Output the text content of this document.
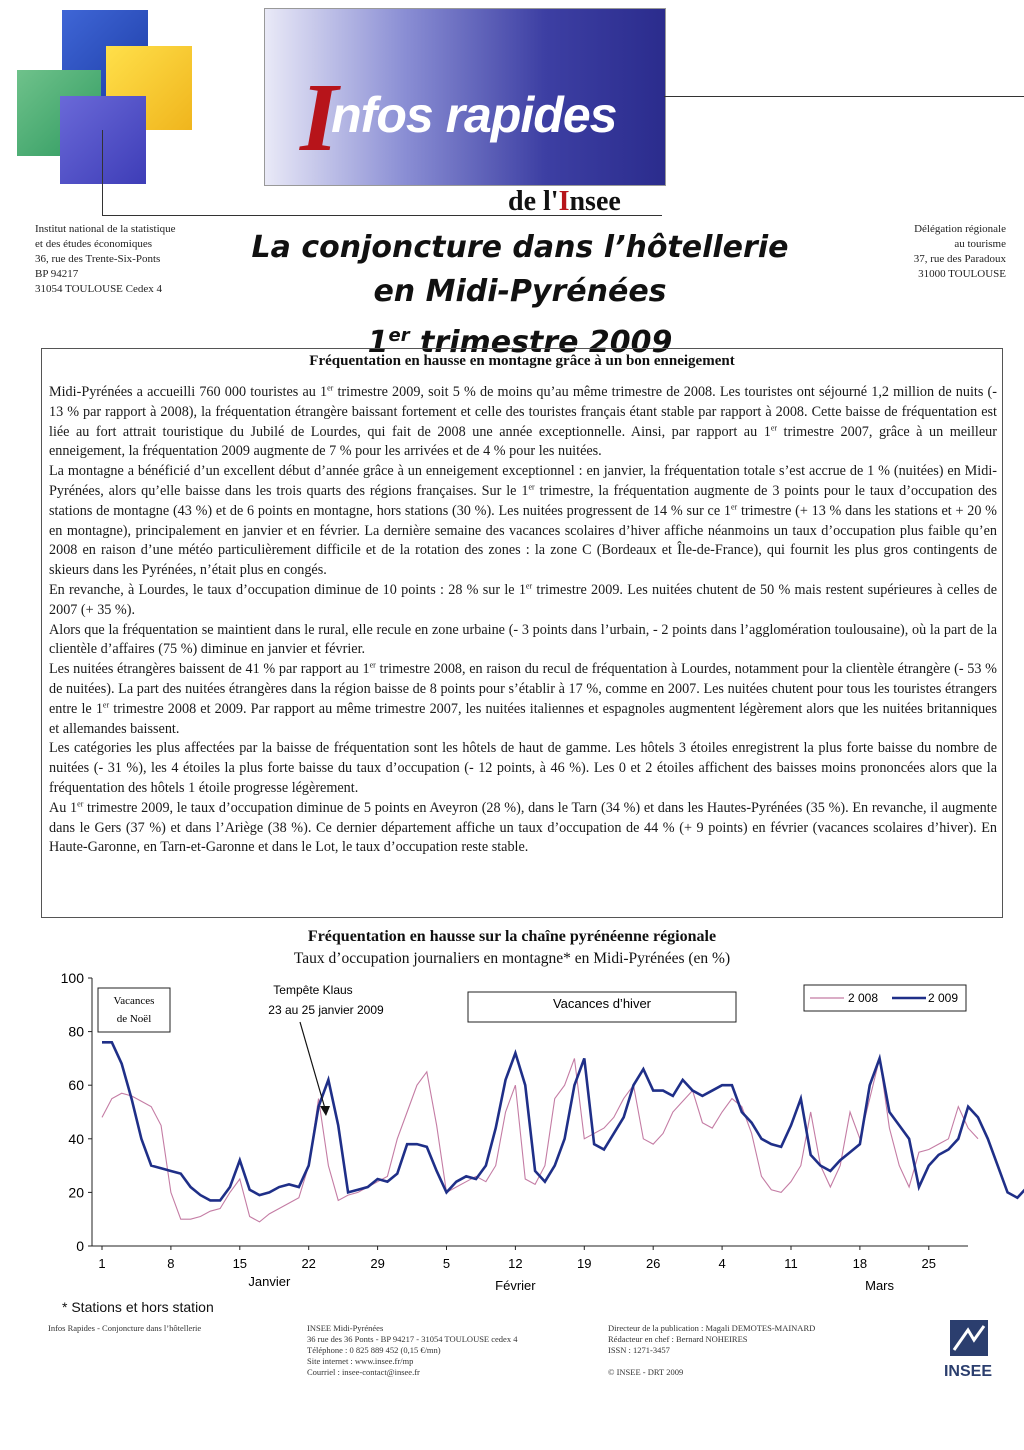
Infos rapides
de l'Insee
Institut national de la statistique
et des études économiques
36, rue des Trente-Six-Ponts
BP 94217
31054 TOULOUSE Cedex 4
Délégation régionale
au tourisme
37, rue des Paradoux
31000 TOULOUSE
La conjoncture dans l’hôtellerie
en Midi-Pyrénées
1er trimestre 2009
Fréquentation en hausse en montagne grâce à un bon enneigement

Midi-Pyrénées a accueilli 760 000 touristes au 1er trimestre 2009, soit 5 % de moins qu’au même trimestre de 2008. Les touristes ont séjourné 1,2 million de nuits (- 13 % par rapport à 2008), la fréquentation étrangère baissant fortement et celle des touristes français étant stable par rapport à 2008. Cette baisse de fréquentation est liée au fort attrait touristique du Jubilé de Lourdes, qui fait de 2008 une année exceptionnelle. Ainsi, par rapport au 1er trimestre 2007, grâce à un meilleur enneigement, la fréquentation 2009 augmente de 7 % pour les arrivées et de 4 % pour les nuitées.

La montagne a bénéficié d’un excellent début d’année grâce à un enneigement exceptionnel : en janvier, la fréquentation totale s’est accrue de 1 % (nuitées) en Midi-Pyrénées, alors qu’elle baisse dans les trois quarts des régions françaises. Sur le 1er trimestre, la fréquentation augmente de 3 points pour le taux d’occupation des stations de montagne (43 %) et de 6 points en montagne, hors stations (30 %). Les nuitées progressent de 14 % sur ce 1er trimestre (+ 13 % dans les stations et + 20 % en montagne), principalement en janvier et en février. La dernière semaine des vacances scolaires d’hiver affiche néanmoins un taux d’occupation plus faible qu’en 2008 en raison d’une météo particulièrement difficile et de la rotation des zones : la zone C (Bordeaux et Île-de-France), qui fournit les plus gros contingents de skieurs dans les Pyrénées, n’était plus en congés.

En revanche, à Lourdes, le taux d’occupation diminue de 10 points : 28 % sur le 1er trimestre 2009. Les nuitées chutent de 50 % mais restent supérieures à celles de 2007 (+ 35 %).

Alors que la fréquentation se maintient dans le rural, elle recule en zone urbaine (- 3 points dans l’urbain, - 2 points dans l’agglomération toulousaine), où la part de la clientèle d’affaires (75 %) diminue en janvier et février.

Les nuitées étrangères baissent de 41 % par rapport au 1er trimestre 2008, en raison du recul de fréquentation à Lourdes, notamment pour la clientèle étrangère (- 53 % de nuitées). La part des nuitées étrangères dans la région baisse de 8 points pour s’établir à 17 %, comme en 2007. Les nuitées chutent pour tous les touristes étrangers entre le 1er trimestre 2008 et 2009. Par rapport au même trimestre 2007, les nuitées italiennes et espagnoles augmentent légèrement alors que les nuitées britanniques et allemandes baissent.

Les catégories les plus affectées par la baisse de fréquentation sont les hôtels de haut de gamme. Les hôtels 3 étoiles enregistrent la plus forte baisse du nombre de nuitées (- 31 %), les 4 étoiles la plus forte baisse du taux d’occupation (- 12 points, à 46 %). Les 0 et 2 étoiles affichent des baisses moins prononcées alors que la fréquentation des hôtels 1 étoile progresse légèrement.

Au 1er trimestre 2009, le taux d’occupation diminue de 5 points en Aveyron (28 %), dans le Tarn (34 %) et dans les Hautes-Pyrénées (35 %). En revanche, il augmente dans le Gers (37 %) et dans l’Ariège (38 %). Ce dernier département affiche un taux d’occupation de 44 % (+ 9 points) en février (vacances scolaires d’hiver). En Haute-Garonne, en Tarn-et-Garonne et dans le Lot, le taux d’occupation reste stable.

Fréquentation en hausse sur la chaîne pyrénéenne régionale
Taux d’occupation journaliers en montagne* en Midi-Pyrénées (en %)
0
20
40
60
80
100
1	8	15	22	29	5	12	19	26	4	11	18	25
Janvier	Février	Mars
Vacances
de Noël
Tempête Klaus
23 au 25 janvier 2009	Vacances d’hiver	2 008	2 009
* Stations et hors station
Infos Rapides - Conjoncture dans l’hôtellerie	INSEE Midi-Pyrénées
36 rue des 36 Ponts - BP 94217 - 31054 TOULOUSE cedex 4
Téléphone : 0 825 889 452 (0,15 €/mn)
Site internet : www.insee.fr/mp
Courriel : insee-contact@insee.fr
Directeur de la publication : Magali DEMOTES-MAINARD
Rédacteur en chef : Bernard NOHEIRES
ISSN : 1271-3457

© INSEE - DRT 2009	INSEE
